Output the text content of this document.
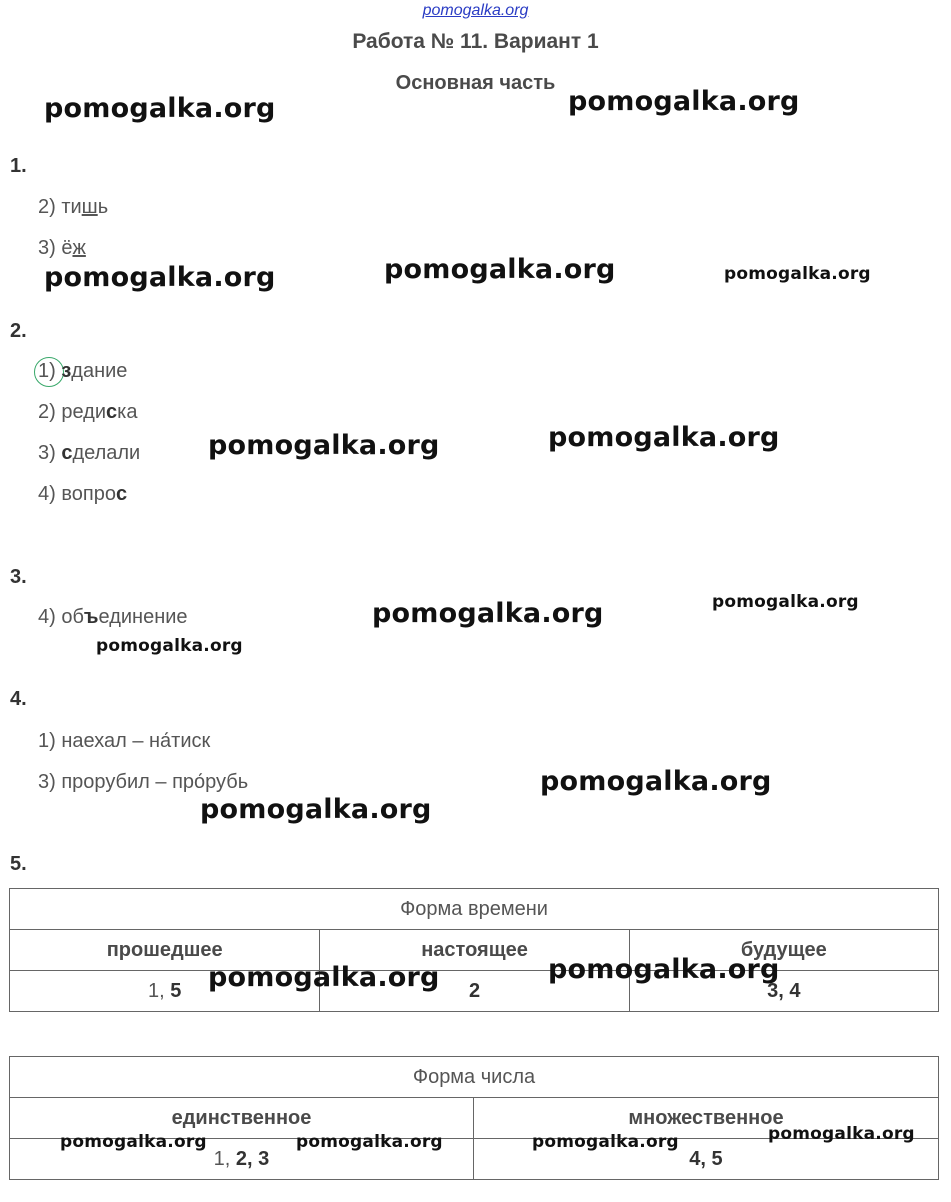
pomogalka.org
Работа № 11. Вариант 1
Основная часть
1.
2) тишь
3) ёж
2.
1) здание
2) редиска
3) сделали
4) вопрос
3.
4) объединение
4.
1) наехал – на́тиск
3) прорубил – про́рубь
5.
Форма времени		
прошедшее	настоящее	будущее
1, 5	2	3, 4
Форма числа	
единственное	множественное
1, 2, 3	4, 5
pomogalka.org	pomogalka.org
pomogalka.org	pomogalka.org	pomogalka.org
pomogalka.org	pomogalka.org
pomogalka.org	pomogalka.org
pomogalka.org
pomogalka.org
pomogalka.org
pomogalka.org	pomogalka.org
pomogalka.org	pomogalka.org	pomogalka.org	pomogalka.org
